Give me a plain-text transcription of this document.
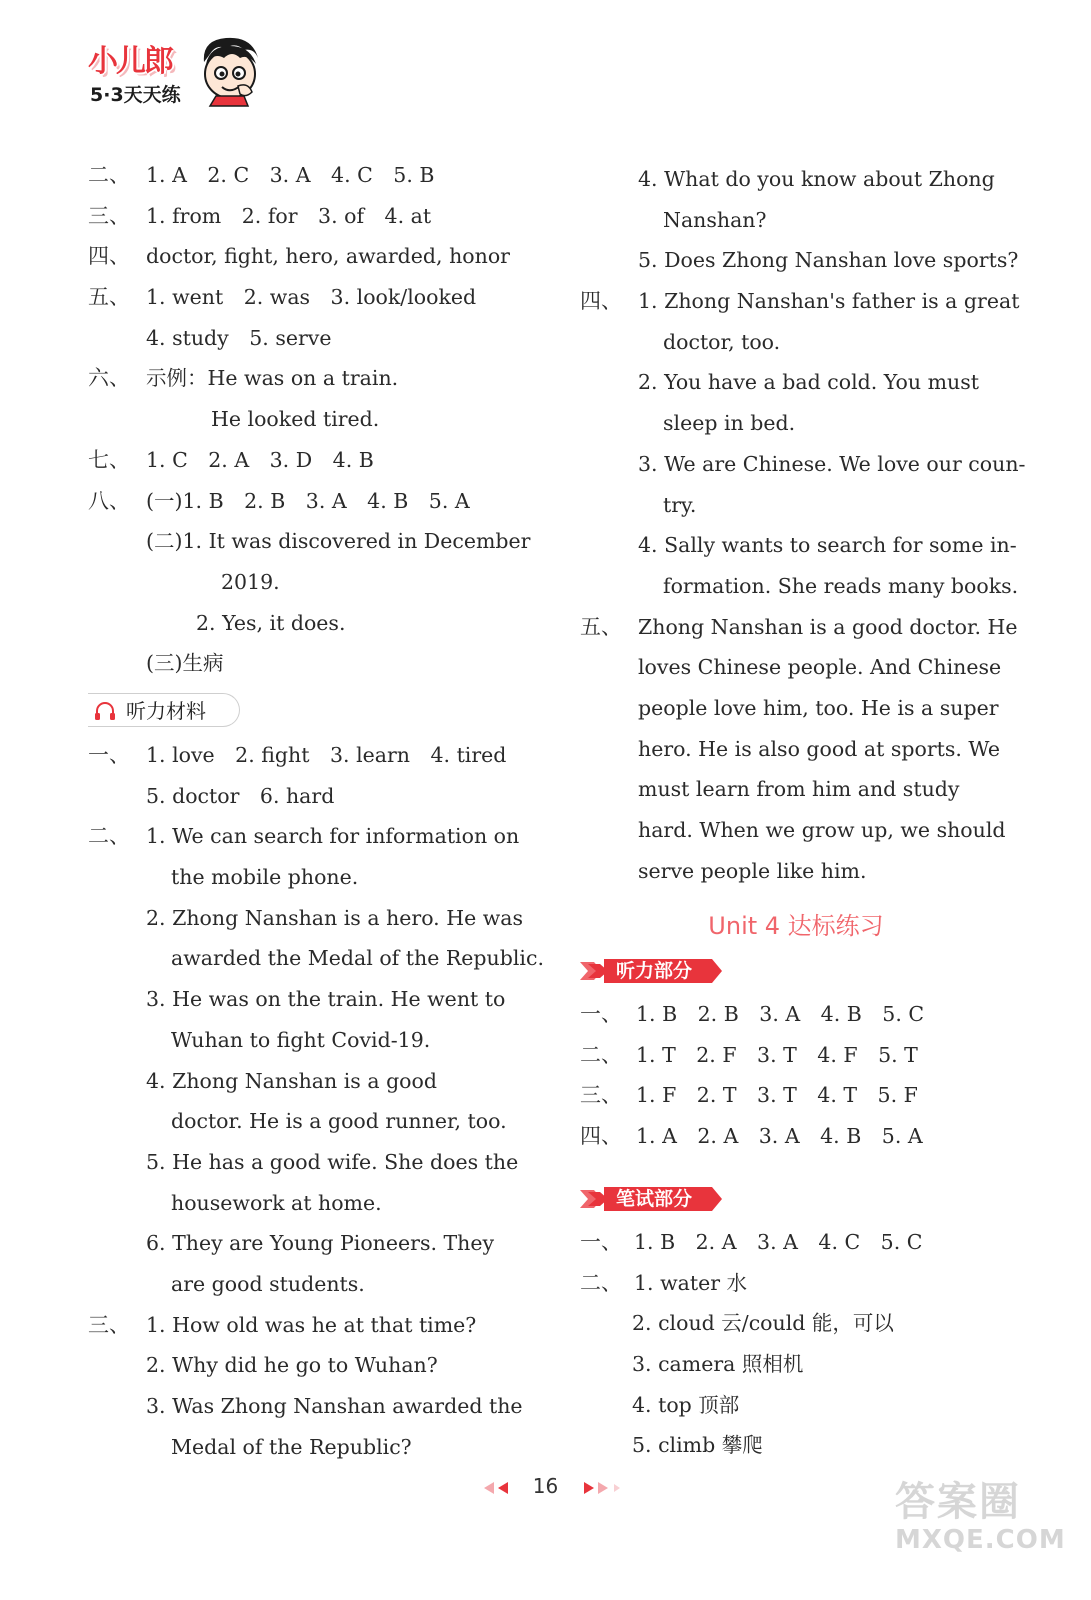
小儿郎
5·3天天练
二、 1. A　2. C　3. A　4. C　5. B
三、 1. from　2. for　3. of　4. at
四、 doctor, fight, hero, awarded, honor
五、 1. went　2. was　3. look/looked
4. study　5. serve
六、 示例：He was on a train.
He looked tired.
七、 1. C　2. A　3. D　4. B
八、 (一)1. B　2. B　3. A　4. B　5. A
(二)1. It was discovered in December
2019.
2. Yes, it does.
(三)生病
听力材料
一、 1. love　2. fight　3. learn　4. tired
5. doctor　6. hard
二、 1. We can search for information on
the mobile phone.
2. Zhong Nanshan is a hero. He was
awarded the Medal of the Republic.
3. He was on the train. He went to
Wuhan to fight Covid-19.
4. Zhong Nanshan is a good
doctor. He is a good runner, too.
5. He has a good wife. She does the
housework at home.
6. They are Young Pioneers. They
are good students.
三、 1. How old was he at that time?
2. Why did he go to Wuhan?
3. Was Zhong Nanshan awarded the
Medal of the Republic?
4. What do you know about Zhong
Nanshan?
5. Does Zhong Nanshan love sports?
四、 1. Zhong Nanshan's father is a great
doctor, too.
2. You have a bad cold. You must
sleep in bed.
3. We are Chinese. We love our coun-
try.
4. Sally wants to search for some in-
formation. She reads many books.
五、 Zhong Nanshan is a good doctor. He
loves Chinese people. And Chinese
people love him, too. He is a super
hero. He is also good at sports. We
must learn from him and study
hard. When we grow up, we should
serve people like him.
Unit 4 达标练习
听力部分
一、 1. B　2. B　3. A　4. B　5. C
二、 1. T　2. F　3. T　4. F　5. T
三、 1. F　2. T　3. T　4. T　5. F
四、 1. A　2. A　3. A　4. B　5. A
笔试部分
一、 1. B　2. A　3. A　4. C　5. C
二、 1. water 水
2. cloud 云/could 能，可以
3. camera 照相机
4. top 顶部
5. climb 攀爬
16	答案圈
MXQE.COM
